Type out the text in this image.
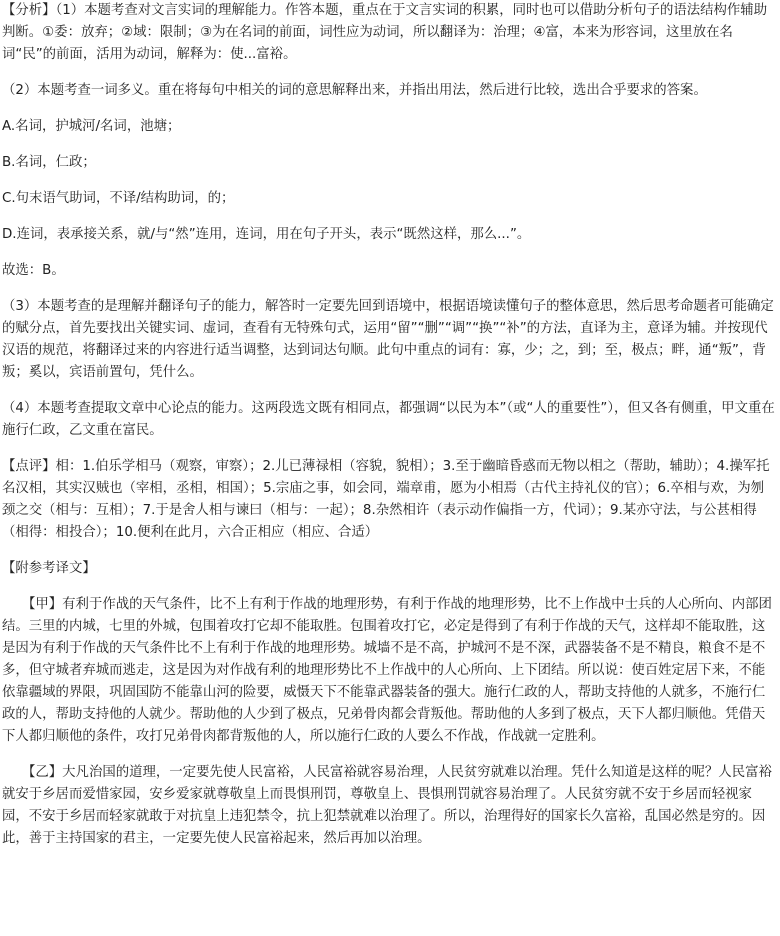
【分析】（1）本题考查对文言实词的理解能力。作答本题，重点在于文言实词的积累，同时也可以借助分析句子的语法结构作辅助判断。①委：放弃；②域：限制；③为在名词的前面，词性应为动词，所以翻译为：治理；④富，本来为形容词，这里放在名词“民”的前面，活用为动词，解释为：使...富裕。

（2）本题考查一词多义。重在将每句中相关的词的意思解释出来，并指出用法，然后进行比较，选出合乎要求的答案。

A.名词，护城河/名词，池塘；

B.名词，仁政；

C.句末语气助词，不译/结构助词，的；

D.连词，表承接关系，就/与“然”连用，连词，用在句子开头，表示“既然这样，那么...”。

故选：B。

（3）本题考查的是理解并翻译句子的能力，解答时一定要先回到语境中，根据语境读懂句子的整体意思，然后思考命题者可能确定的赋分点，首先要找出关键实词、虚词，查看有无特殊句式，运用“留”“删”“调”“换”“补”的方法，直译为主，意译为辅。并按现代汉语的规范，将翻译过来的内容进行适当调整，达到词达句顺。此句中重点的词有：寡，少；之，到；至，极点；畔，通“叛”，背叛；奚以，宾语前置句，凭什么。

（4）本题考查提取文章中心论点的能力。这两段选文既有相同点，都强调“以民为本”（或“人的重要性”），但又各有侧重，甲文重在施行仁政，乙文重在富民。

【点评】相：1.伯乐学相马（观察，审察）；2.儿已薄禄相（容貌，貌相）；3.至于幽暗昏惑而无物以相之（帮助，辅助）；4.操军托名汉相，其实汉贼也（宰相，丞相，相国）；5.宗庙之事，如会同，端章甫，愿为小相焉（古代主持礼仪的官）；6.卒相与欢，为刎颈之交（相与：互相）；7.于是舍人相与谏曰（相与：一起）；8.杂然相许（表示动作偏指一方，代词）；9.某亦守法，与公甚相得（相得：相投合）；10.便利在此月，六合正相应（相应、合适）

【附参考译文】

【甲】有利于作战的天气条件，比不上有利于作战的地理形势，有利于作战的地理形势，比不上作战中士兵的人心所向、内部团结。三里的内城，七里的外城，包围着攻打它却不能取胜。包围着攻打它，必定是得到了有利于作战的天气，这样却不能取胜，这是因为有利于作战的天气条件比不上有利于作战的地理形势。城墙不是不高，护城河不是不深，武器装备不是不精良，粮食不是不多，但守城者弃城而逃走，这是因为对作战有利的地理形势比不上作战中的人心所向、上下团结。所以说：使百姓定居下来，不能依靠疆域的界限，巩固国防不能靠山河的险要，威慑天下不能靠武器装备的强大。施行仁政的人，帮助支持他的人就多，不施行仁政的人，帮助支持他的人就少。帮助他的人少到了极点，兄弟骨肉都会背叛他。帮助他的人多到了极点，天下人都归顺他。凭借天下人都归顺他的条件，攻打兄弟骨肉都背叛他的人，所以施行仁政的人要么不作战，作战就一定胜利。

【乙】大凡治国的道理，一定要先使人民富裕，人民富裕就容易治理，人民贫穷就难以治理。凭什么知道是这样的呢？人民富裕就安于乡居而爱惜家园，安乡爱家就尊敬皇上而畏惧刑罚，尊敬皇上、畏惧刑罚就容易治理了。人民贫穷就不安于乡居而轻视家园，不安于乡居而轻家就敢于对抗皇上违犯禁令，抗上犯禁就难以治理了。所以，治理得好的国家长久富裕，乱国必然是穷的。因此，善于主持国家的君主，一定要先使人民富裕起来，然后再加以治理。
